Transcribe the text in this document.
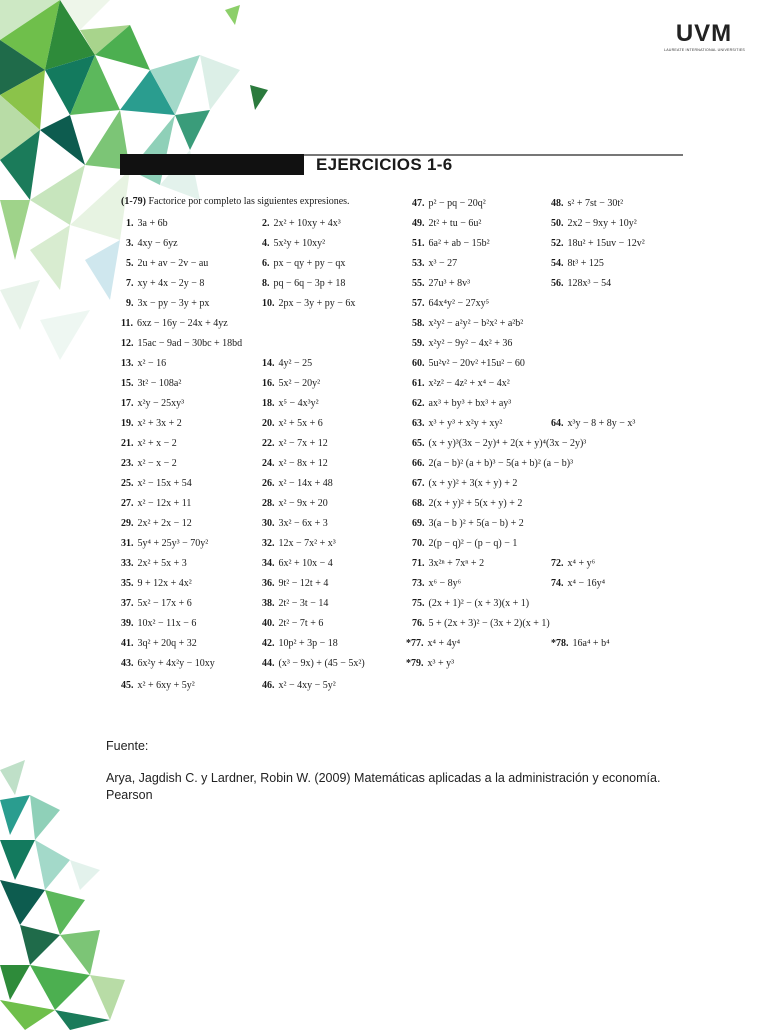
UVM
LAUREATE INTERNATIONAL UNIVERSITIES
EJERCICIOS 1-6
(1-79) Factorice por completo las siguientes expresiones.
1. 3a + 6b	2. 2x² + 10xy + 4x³
3. 4xy − 6yz	4. 5x²y + 10xy²
5. 2u + av − 2v − au	6. px − qy + py − qx
7. xy + 4x − 2y − 8	8. pq − 6q − 3p + 18
9. 3x − py − 3y + px	10. 2px − 3y + py − 6x
11. 6xz − 16y − 24x + 4yz
12. 15ac − 9ad − 30bc + 18bd
13. x² − 16	14. 4y² − 25
15. 3t² − 108a²	16. 5x² − 20y²
17. x²y − 25xy³	18. x⁵ − 4x³y²
19. x² + 3x + 2	20. x² + 5x + 6
21. x² + x − 2	22. x² − 7x + 12
23. x² − x − 2	24. x² − 8x + 12
25. x² − 15x + 54	26. x² − 14x + 48
27. x² − 12x + 11	28. x² − 9x + 20
29. 2x² + 2x − 12	30. 3x² − 6x + 3
31. 5y⁴ + 25y³ − 70y²	32. 12x − 7x² + x³
33. 2x² + 5x + 3	34. 6x² + 10x − 4
35. 9 + 12x + 4x²	36. 9t² − 12t + 4
37. 5x² − 17x + 6	38. 2t² − 3t − 14
39. 10x² − 11x − 6	40. 2t² − 7t + 6
41. 3q² + 20q + 32	42. 10p² + 3p − 18
43. 6x²y + 4x²y − 10xy	44. (x³ − 9x) + (45 − 5x²)
45. x² + 6xy + 5y²	46. x² − 4xy − 5y²
47. p² − pq − 20q²	48. s² + 7st − 30t²
49. 2t² + tu − 6u²	50. 2x2 − 9xy + 10y²
51. 6a² + ab − 15b²	52. 18u² + 15uv − 12v²
53. x³ − 27	54. 8t³ + 125
55. 27u³ + 8v³	56. 128x³ − 54
57. 64x⁴y² − 27xy⁵
58. x²y² − a²y² − b²x² + a²b²
59. x²y² − 9y² − 4x² + 36
60. 5u²v² − 20v² +15u² − 60
61. x²z² − 4z² + x⁴ − 4x²
62. ax³ + by³ + bx³ + ay³
63. x³ + y³ + x²y + xy²	64. x³y − 8 + 8y − x³
65. (x + y)³(3x − 2y)⁴ + 2(x + y)⁴(3x − 2y)³
66. 2(a − b)² (a + b)³ − 5(a + b)² (a − b)³
67. (x + y)² + 3(x + y) + 2
68. 2(x + y)² + 5(x + y) + 2
69. 3(a − b )² + 5(a − b) + 2
70. 2(p − q)² − (p − q) − 1
71. 3x²ⁿ + 7xⁿ + 2	72. x⁴ + y⁶
73. x⁶ − 8y⁶	74. x⁴ − 16y⁴
75. (2x + 1)² − (x + 3)(x + 1)
76. 5 + (2x + 3)² − (3x + 2)(x + 1)
*77. x⁴ + 4y⁴	*78. 16a⁴ + b⁴
*79. x³ + y³
Fuente:
Arya, Jagdish C. y Lardner, Robin W. (2009) Matemáticas aplicadas a la administración y economía.
Pearson
